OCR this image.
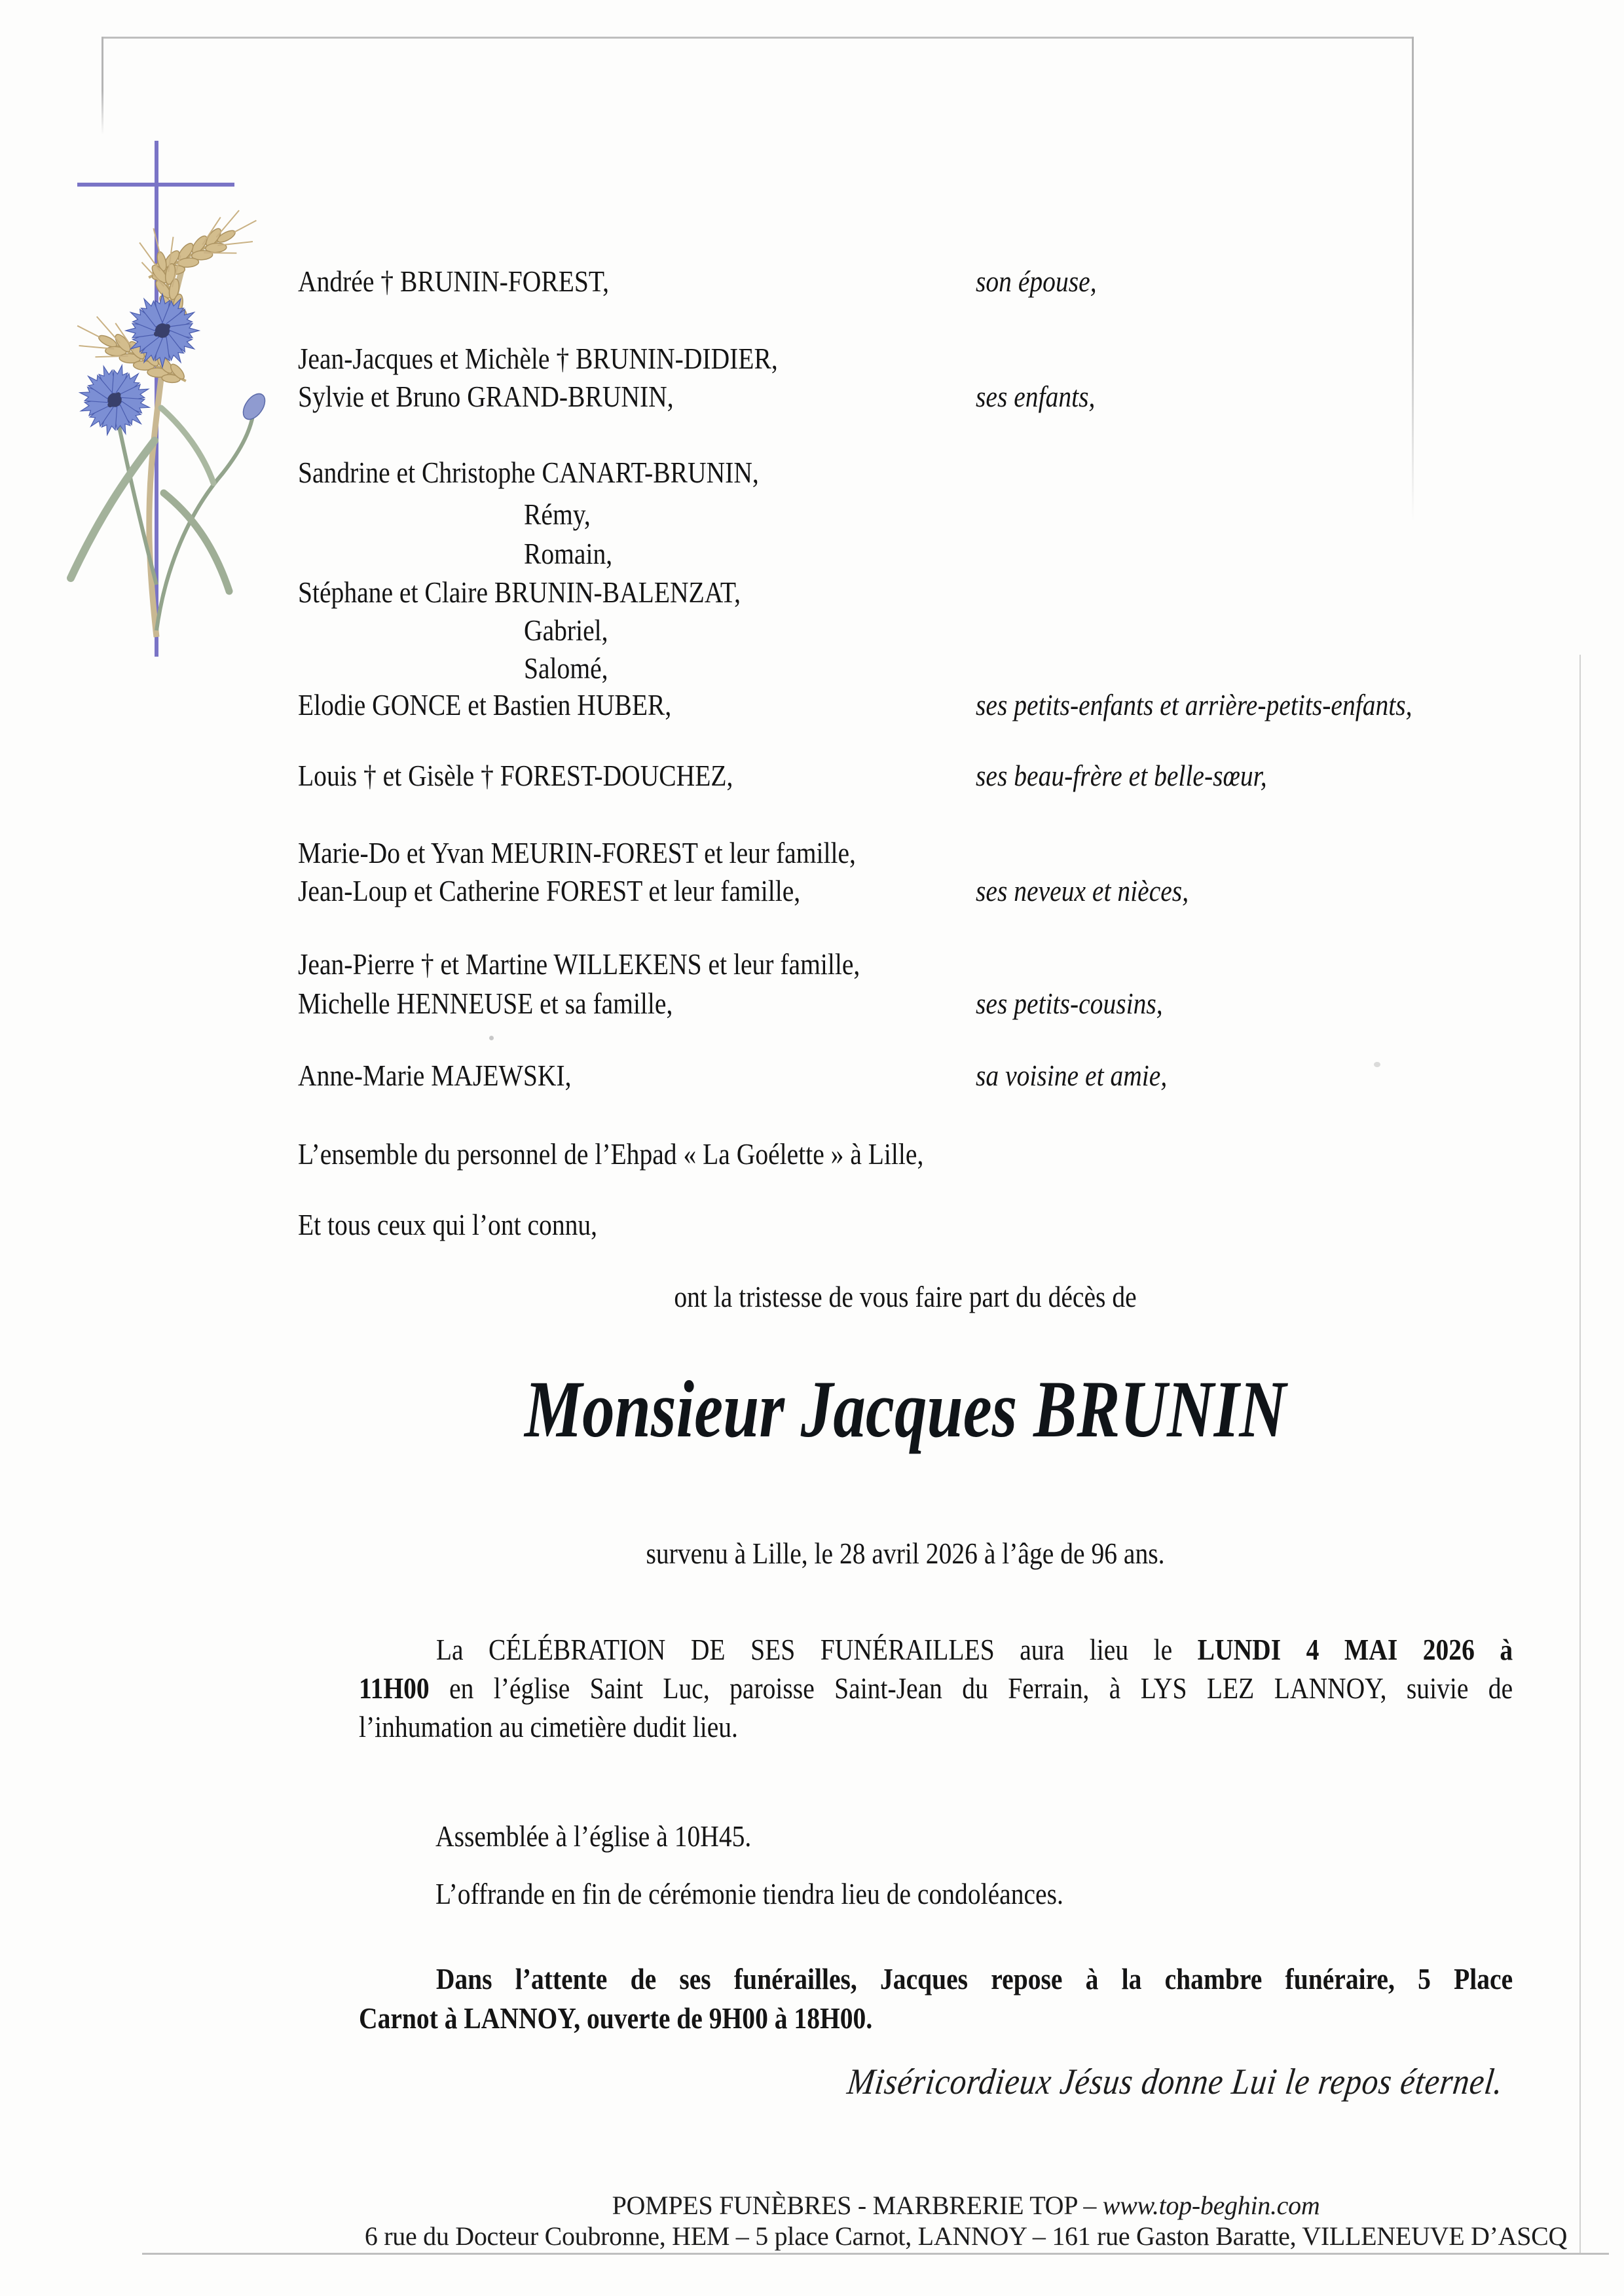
Andrée † BRUNIN-FOREST,	son épouse,
Jean-Jacques et Michèle † BRUNIN-DIDIER,
Sylvie et Bruno GRAND-BRUNIN,	ses enfants,
Sandrine et Christophe CANART-BRUNIN,
Rémy,
Romain,
Stéphane et Claire BRUNIN-BALENZAT,
Gabriel,
Salomé,
Elodie GONCE et Bastien HUBER,	ses petits-enfants et arrière-petits-enfants,
Louis † et Gisèle † FOREST-DOUCHEZ,	ses beau-frère et belle-sœur,
Marie-Do et Yvan MEURIN-FOREST et leur famille,
Jean-Loup et Catherine FOREST et leur famille,	ses neveux et nièces,
Jean-Pierre † et Martine WILLEKENS et leur famille,
Michelle HENNEUSE et sa famille,	ses petits-cousins,
Anne-Marie MAJEWSKI,	sa voisine et amie,
L’ensemble du personnel de l’Ehpad « La Goélette » à Lille,
Et tous ceux qui l’ont connu,
ont la tristesse de vous faire part du décès de
Monsieur Jacques BRUNIN
survenu à Lille, le 28 avril 2026 à l’âge de 96 ans.
La CÉLÉBRATION DE SES FUNÉRAILLES aura lieu le LUNDI 4 MAI 2026 à
11H00 en l’église Saint Luc, paroisse Saint-Jean du Ferrain, à LYS LEZ LANNOY, suivie de
l’inhumation au cimetière dudit lieu.
Assemblée à l’église à 10H45.
L’offrande en fin de cérémonie tiendra lieu de condoléances.
Dans l’attente de ses funérailles, Jacques repose à la chambre funéraire, 5 Place
Carnot à LANNOY, ouverte de 9H00 à 18H00.
Miséricordieux Jésus donne Lui le repos éternel.
POMPES FUNÈBRES - MARBRERIE TOP – www.top-beghin.com
6 rue du Docteur Coubronne, HEM – 5 place Carnot, LANNOY – 161 rue Gaston Baratte, VILLENEUVE D’ASCQ
